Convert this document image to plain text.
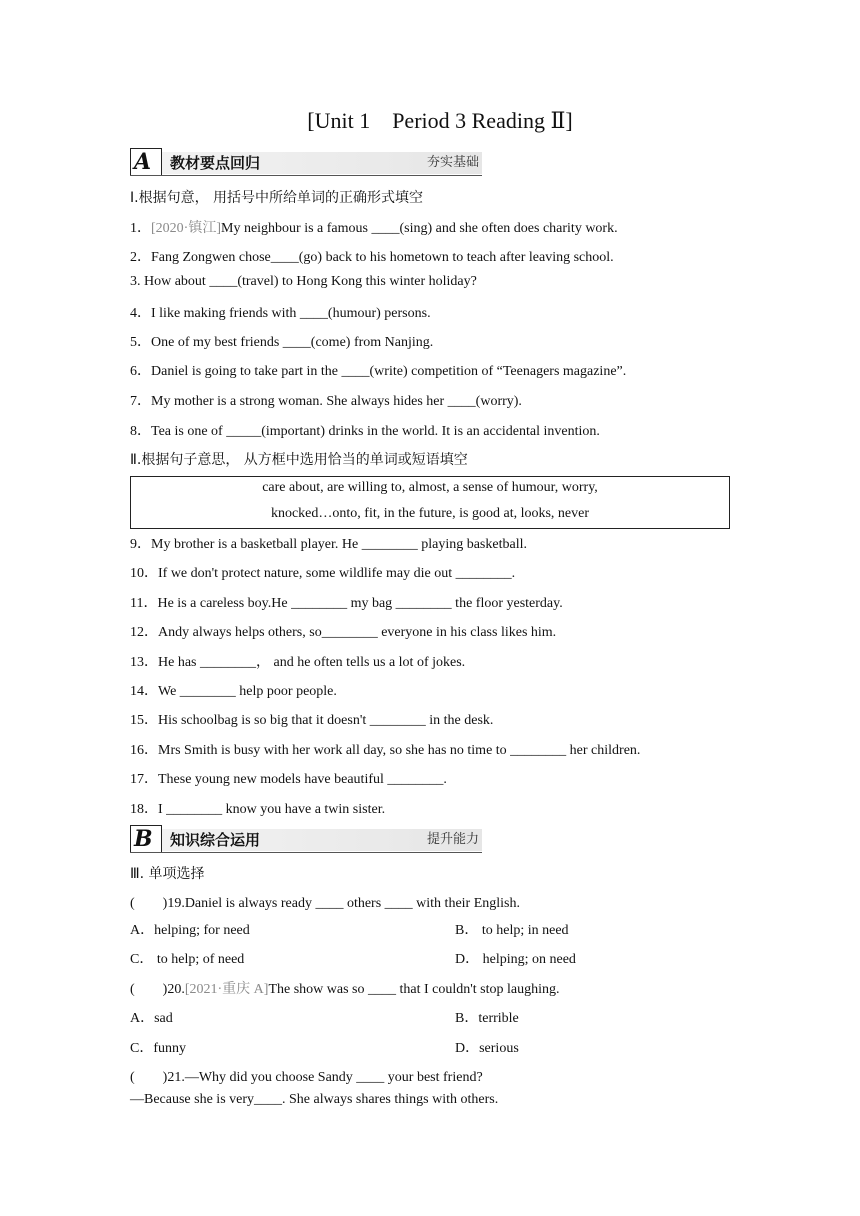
[Unit 1　Period 3 Reading Ⅱ]
A 教材要点回归	夯实基础
Ⅰ.根据句意， 用括号中所给单词的正确形式填空
1．[2020·镇江]My neighbour is a famous ____(sing) and she often does charity work.
2．Fang Zongwen chose____(go) back to his hometown to teach after leaving school.
3. How about ____(travel) to Hong Kong this winter holiday?
4．I like making friends with ____(humour) persons.
5．One of my best friends ____(come) from Nanjing.
6．Daniel is going to take part in the ____(write) competition of “Teenagers magazine”.
7．My mother is a strong woman. She always hides her ____(worry).
8．Tea is one of _____(important) drinks in the world. It is an accidental invention.
Ⅱ.根据句子意思， 从方框中选用恰当的单词或短语填空
care about, are willing to, almost, a sense of humour, worry,
knocked…onto, fit, in the future, is good at, looks, never
9．My brother is a basketball player. He ________ playing basketball.
10．If we don't protect nature, some wildlife may die out ________.
11．He is a careless boy.He ________ my bag ________ the floor yesterday.
12．Andy always helps others, so________ everyone in his class likes him.
13．He has ________， and he often tells us a lot of jokes.
14．We ________ help poor people.
15．His schoolbag is so big that it doesn't ________ in the desk.
16．Mrs Smith is busy with her work all day, so she has no time to ________ her children.
17．These young new models have beautiful ________.
18．I ________ know you have a twin sister.
B 知识综合运用	提升能力
Ⅲ. 单项选择
(　　)19.Daniel is always ready ____ others ____ with their English.
A．helping; for need	B． to help; in need
C． to help; of need	D． helping; on need
(　　)20.[2021·重庆 A]The show was so ____ that I couldn't stop laughing.
A．sad	B．terrible
C．funny	D．serious
(　　)21.—Why did you choose Sandy ____ your best friend?
—Because she is very____. She always shares things with others.
